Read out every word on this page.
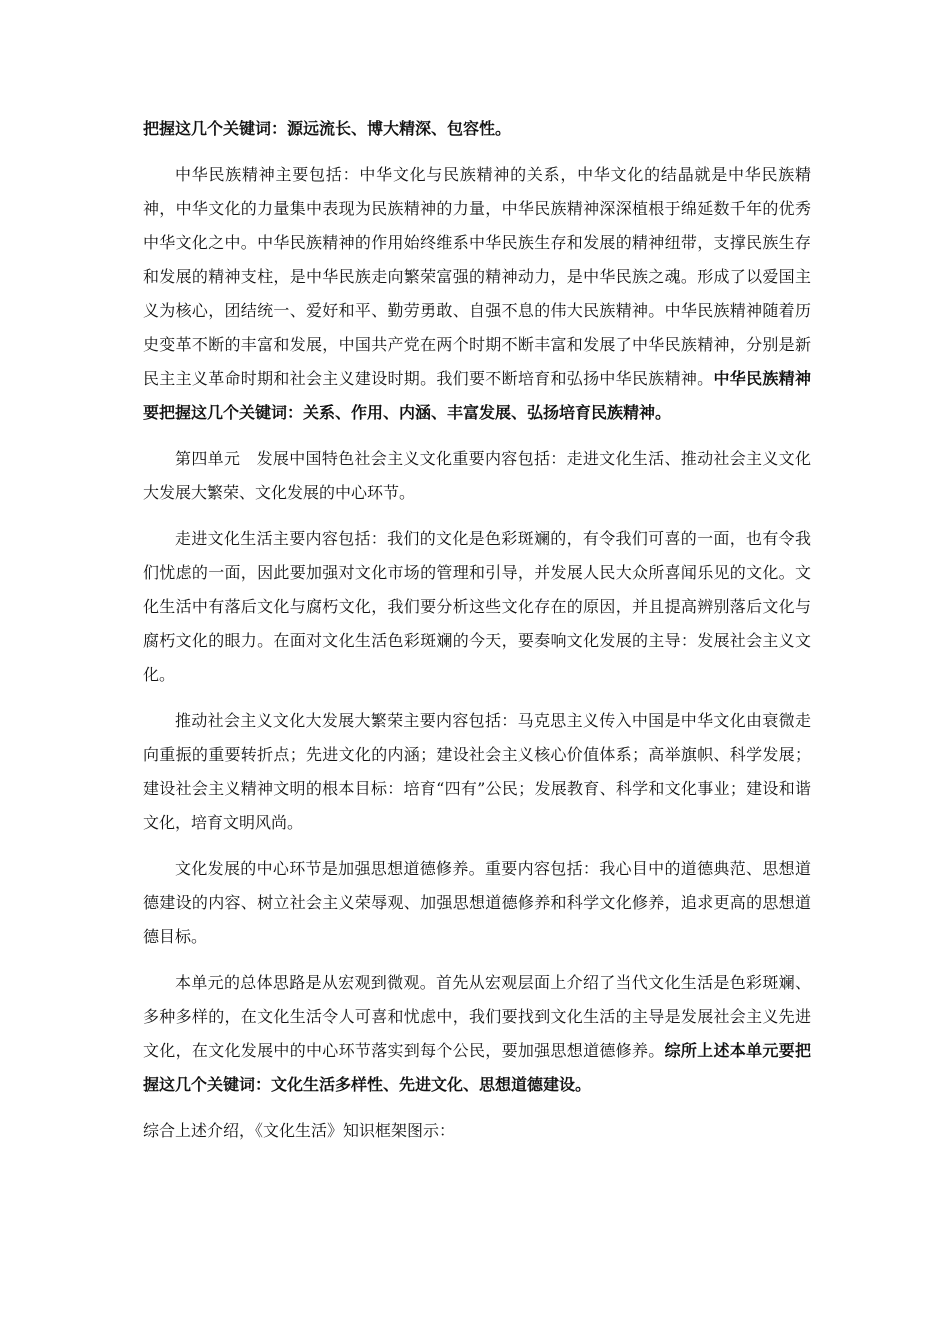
把握这几个关键词：源远流长、博大精深、包容性。

中华民族精神主要包括：中华文化与民族精神的关系，中华文化的结晶就是中华民族精神，中华文化的力量集中表现为民族精神的力量，中华民族精神深深植根于绵延数千年的优秀中华文化之中。中华民族精神的作用始终维系中华民族生存和发展的精神纽带，支撑民族生存和发展的精神支柱，是中华民族走向繁荣富强的精神动力，是中华民族之魂。形成了以爱国主义为核心，团结统一、爱好和平、勤劳勇敢、自强不息的伟大民族精神。中华民族精神随着历史变革不断的丰富和发展，中国共产党在两个时期不断丰富和发展了中华民族精神，分别是新民主主义革命时期和社会主义建设时期。我们要不断培育和弘扬中华民族精神。中华民族精神要把握这几个关键词：关系、作用、内涵、丰富发展、弘扬培育民族精神。

第四单元　发展中国特色社会主义文化重要内容包括：走进文化生活、推动社会主义文化大发展大繁荣、文化发展的中心环节。

走进文化生活主要内容包括：我们的文化是色彩斑斓的，有令我们可喜的一面，也有令我们忧虑的一面，因此要加强对文化市场的管理和引导，并发展人民大众所喜闻乐见的文化。文化生活中有落后文化与腐朽文化，我们要分析这些文化存在的原因，并且提高辨别落后文化与腐朽文化的眼力。在面对文化生活色彩斑斓的今天，要奏响文化发展的主导：发展社会主义文化。

推动社会主义文化大发展大繁荣主要内容包括：马克思主义传入中国是中华文化由衰微走向重振的重要转折点；先进文化的内涵；建设社会主义核心价值体系；高举旗帜、科学发展；建设社会主义精神文明的根本目标：培育“四有”公民；发展教育、科学和文化事业；建设和谐文化，培育文明风尚。

文化发展的中心环节是加强思想道德修养。重要内容包括：我心目中的道德典范、思想道德建设的内容、树立社会主义荣辱观、加强思想道德修养和科学文化修养，追求更高的思想道德目标。

本单元的总体思路是从宏观到微观。首先从宏观层面上介绍了当代文化生活是色彩斑斓、多种多样的，在文化生活令人可喜和忧虑中，我们要找到文化生活的主导是发展社会主义先进文化，在文化发展中的中心环节落实到每个公民，要加强思想道德修养。综所上述本单元要把握这几个关键词：文化生活多样性、先进文化、思想道德建设。

综合上述介绍，《文化生活》知识框架图示：
